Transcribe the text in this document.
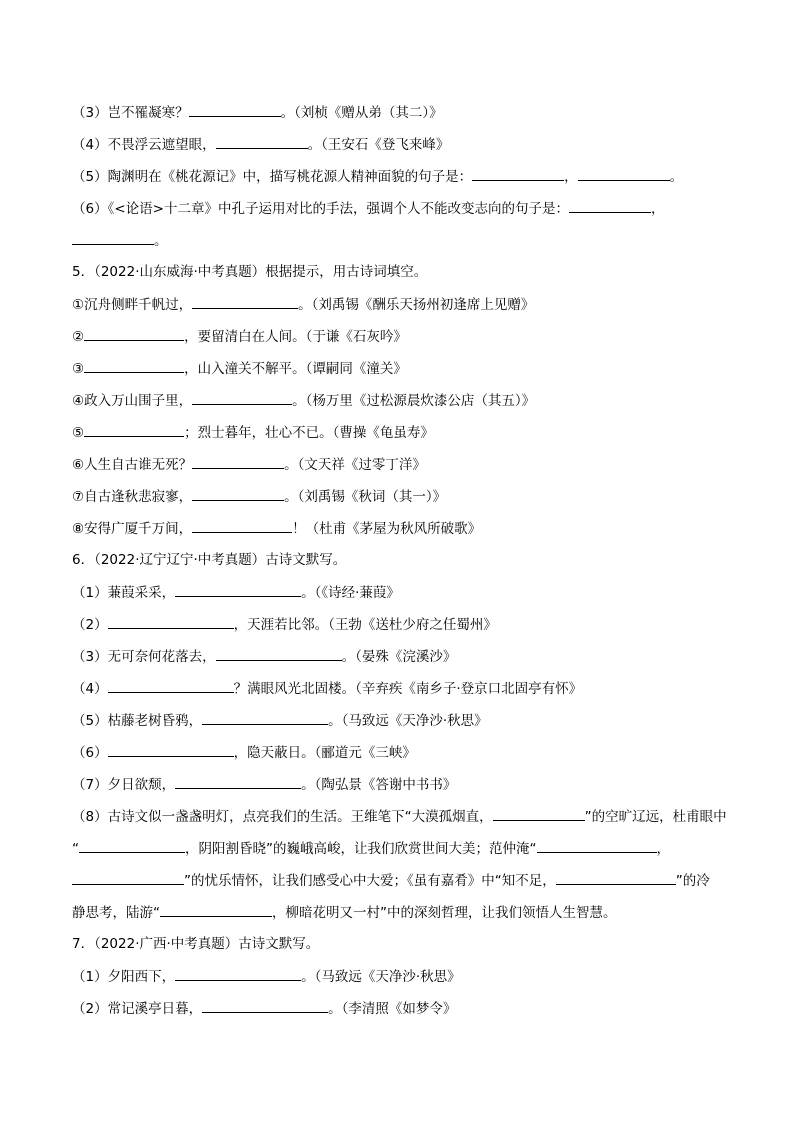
（3）岂不罹凝寒？	。（刘桢《赠从弟（其二）》
（4）不畏浮云遮望眼，	。（王安石《登飞来峰》
（5）陶渊明在《桃花源记》中，描写桃花源人精神面貌的句子是：	，	。
（6）《<论语>十二章》中孔子运用对比的手法，强调个人不能改变志向的句子是：	，
。
5．（2022·山东威海·中考真题）根据提示，用古诗词填空。
①沉舟侧畔千帆过，	。（刘禹锡《酬乐天扬州初逢席上见赠》
②	，要留清白在人间。（于谦《石灰吟》
③	，山入潼关不解平。（谭嗣同《潼关》
④政入万山围子里，	。（杨万里《过松源晨炊漆公店（其五）》
⑤	；烈士暮年，壮心不已。（曹操《龟虽寿》
⑥人生自古谁无死？	。（文天祥《过零丁洋》
⑦自古逢秋悲寂寥，	。（刘禹锡《秋词（其一）》
⑧安得广厦千万间，	！（杜甫《茅屋为秋风所破歌》
6．（2022·辽宁辽宁·中考真题）古诗文默写。
（1）蒹葭采采，	。（《诗经·蒹葭》
（2）	，天涯若比邻。（王勃《送杜少府之任蜀州》
（3）无可奈何花落去，	。（晏殊《浣溪沙》
（4）	？满眼风光北固楼。（辛弃疾《南乡子·登京口北固亭有怀》
（5）枯藤老树昏鸦，	。（马致远《天净沙·秋思》
（6）	，隐天蔽日。（郦道元《三峡》
（7）夕日欲颓，	。（陶弘景《答谢中书书》
（8）古诗文似一盏盏明灯，点亮我们的生活。王维笔下“大漠孤烟直，	”的空旷辽远，杜甫眼中
“	，阴阳割昏晓”的巍峨高峻，让我们欣赏世间大美；范仲淹“	，
”的忧乐情怀，让我们感受心中大爱；《虽有嘉肴》中“知不足，	”的冷
静思考，陆游“	，柳暗花明又一村”中的深刻哲理，让我们领悟人生智慧。
7．（2022·广西·中考真题）古诗文默写。
（1）夕阳西下，	。（马致远《天净沙·秋思》
（2）常记溪亭日暮，	。（李清照《如梦令》
